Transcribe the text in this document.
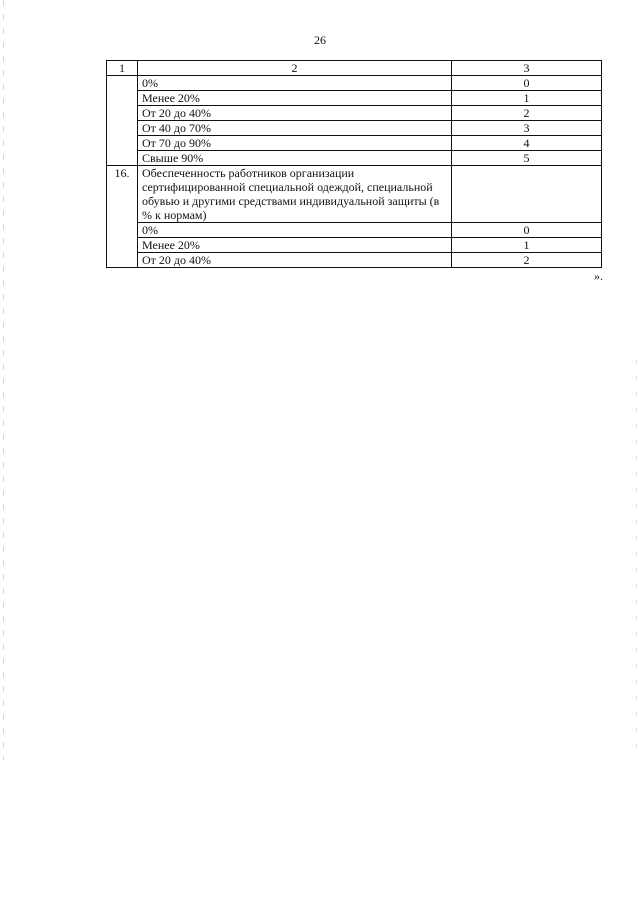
26
1	2	3
	0%	0
	Менее 20%	1
	От 20 до 40%	2
	От 40 до 70%	3
	От 70 до 90%	4
	Свыше 90%	5
16.	Обеспеченность работников организации сертифицированной специальной одеждой, специальной обувью и другими средствами индивидуальной защиты (в % к нормам)	
	0%	0
	Менее 20%	1
	От 20 до 40%	2
».
